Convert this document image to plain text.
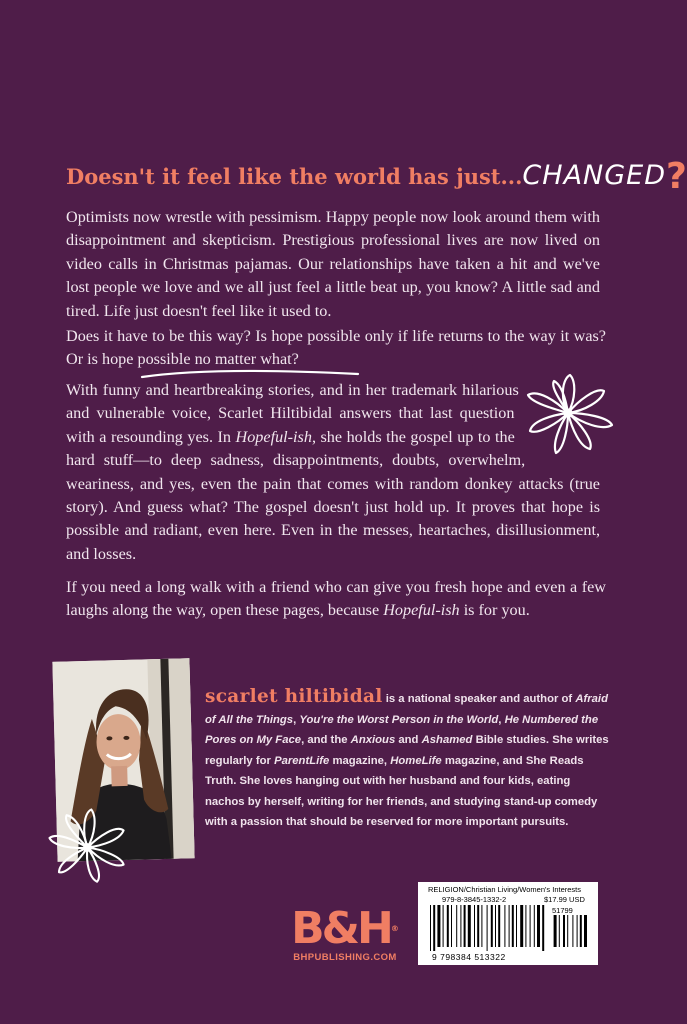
Doesn't it feel like the world has just...CHANGED?

Optimists now wrestle with pessimism. Happy people now look around them with disappointment and skepticism. Prestigious professional lives are now lived on video calls in Christmas pajamas. Our relationships have taken a hit and we've lost people we love and we all just feel a little beat up, you know? A little sad and tired. Life just doesn't feel like it used to.

Does it have to be this way? Is hope possible only if life returns to the way it was? Or is hope possible no matter what?

With funny and heartbreaking stories, and in her trademark hilarious and vulnerable voice, Scarlet Hiltibidal answers that last question with a resounding yes. In Hopeful-ish, she holds the gospel up to the hard stuff—to deep sadness, disappointments, doubts, overwhelm, weariness, and yes, even the pain that comes with random donkey attacks (true story). And guess what? The gospel doesn't just hold up. It proves that hope is possible and radiant, even here. Even in the messes, heartaches, disillusionment, and losses.

If you need a long walk with a friend who can give you fresh hope and even a few laughs along the way, open these pages, because Hopeful-ish is for you.

scarlet hiltibidal is a national speaker and author of Afraid of All the Things, You're the Worst Person in the World, He Numbered the Pores on My Face, and the Anxious and Ashamed Bible studies. She writes regularly for ParentLife magazine, HomeLife magazine, and She Reads Truth. She loves hanging out with her husband and four kids, eating nachos by herself, writing for her friends, and studying stand-up comedy with a passion that should be reserved for more important pursuits.

B&H®
BHPUBLISHING.COM
RELIGION/Christian Living/Women's Interests
979-8-3845-1332-2	$17.99 USD
51799
9 798384 513322
